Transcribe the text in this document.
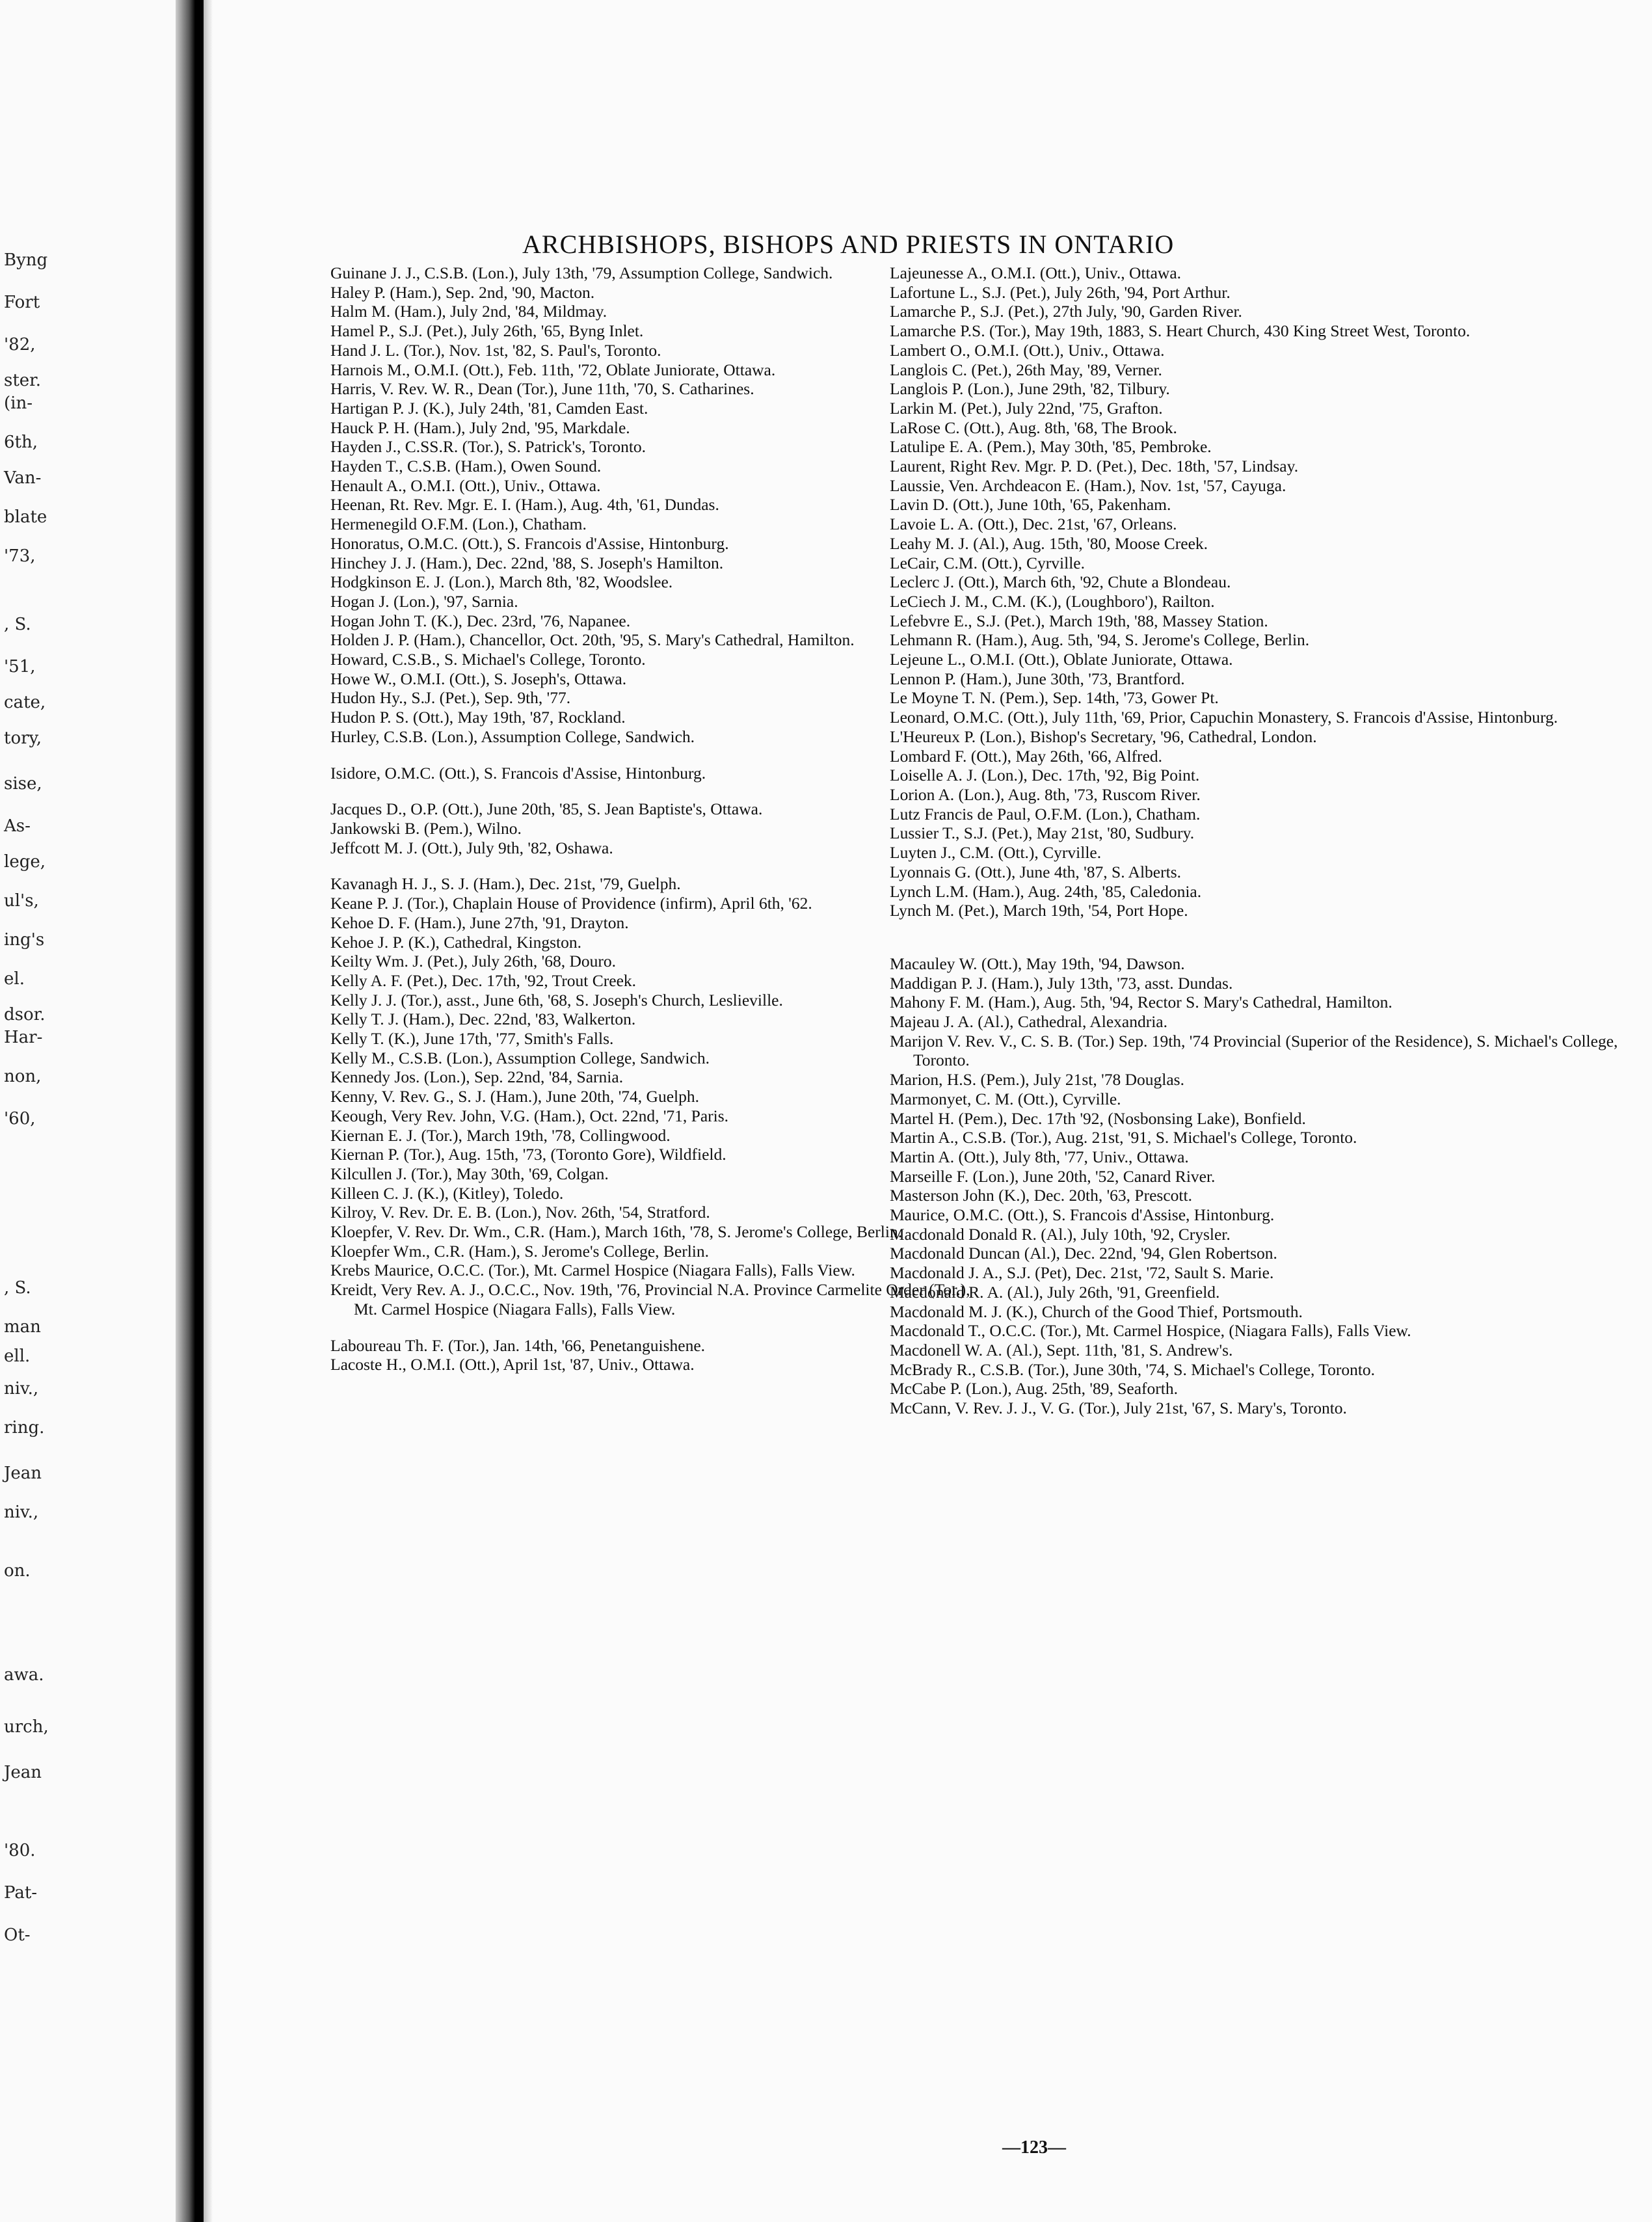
Byng
Fort
'82,
ster.
(in-
6th,
Van-
blate
'73,
, S.
'51,
cate,
tory,
sise,
As-
lege,
ul's,
ing's
el.
dsor.
Har-
non,
'60,
, S.
man
ell.
niv.,
ring.
Jean
niv.,
on.
awa.
urch,
Jean
'80.
Pat-
Ot-
ARCHBISHOPS, BISHOPS AND PRIESTS IN ONTARIO

Guinane J. J., C.S.B. (Lon.), July 13th, '79, Assumption College, Sandwich.

Haley P. (Ham.), Sep. 2nd, '90, Macton.

Halm M. (Ham.), July 2nd, '84, Mildmay.

Hamel P., S.J. (Pet.), July 26th, '65, Byng Inlet.

Hand J. L. (Tor.), Nov. 1st, '82, S. Paul's, Toronto.

Harnois M., O.M.I. (Ott.), Feb. 11th, '72, Oblate Juniorate, Ottawa.

Harris, V. Rev. W. R., Dean (Tor.), June 11th, '70, S. Catharines.

Hartigan P. J. (K.), July 24th, '81, Camden East.

Hauck P. H. (Ham.), July 2nd, '95, Markdale.

Hayden J., C.SS.R. (Tor.), S. Patrick's, Toronto.

Hayden T., C.S.B. (Ham.), Owen Sound.

Henault A., O.M.I. (Ott.), Univ., Ottawa.

Heenan, Rt. Rev. Mgr. E. I. (Ham.), Aug. 4th, '61, Dundas.

Hermenegild O.F.M. (Lon.), Chatham.

Honoratus, O.M.C. (Ott.), S. Francois d'Assise, Hintonburg.

Hinchey J. J. (Ham.), Dec. 22nd, '88, S. Joseph's Hamilton.

Hodgkinson E. J. (Lon.), March 8th, '82, Woodslee.

Hogan J. (Lon.), '97, Sarnia.

Hogan John T. (K.), Dec. 23rd, '76, Napanee.

Holden J. P. (Ham.), Chancellor, Oct. 20th, '95, S. Mary's Cathedral, Hamilton.

Howard, C.S.B., S. Michael's College, Toronto.

Howe W., O.M.I. (Ott.), S. Joseph's, Ottawa.

Hudon Hy., S.J. (Pet.), Sep. 9th, '77.

Hudon P. S. (Ott.), May 19th, '87, Rockland.

Hurley, C.S.B. (Lon.), Assumption College, Sandwich.

Isidore, O.M.C. (Ott.), S. Francois d'Assise, Hintonburg.

Jacques D., O.P. (Ott.), June 20th, '85, S. Jean Baptiste's, Ottawa.

Jankowski B. (Pem.), Wilno.

Jeffcott M. J. (Ott.), July 9th, '82, Oshawa.

Kavanagh H. J., S. J. (Ham.), Dec. 21st, '79, Guelph.

Keane P. J. (Tor.), Chaplain House of Providence (infirm), April 6th, '62.

Kehoe D. F. (Ham.), June 27th, '91, Drayton.

Kehoe J. P. (K.), Cathedral, Kingston.

Keilty Wm. J. (Pet.), July 26th, '68, Douro.

Kelly A. F. (Pet.), Dec. 17th, '92, Trout Creek.

Kelly J. J. (Tor.), asst., June 6th, '68, S. Joseph's Church, Leslieville.

Kelly T. J. (Ham.), Dec. 22nd, '83, Walkerton.

Kelly T. (K.), June 17th, '77, Smith's Falls.

Kelly M., C.S.B. (Lon.), Assumption College, Sandwich.

Kennedy Jos. (Lon.), Sep. 22nd, '84, Sarnia.

Kenny, V. Rev. G., S. J. (Ham.), June 20th, '74, Guelph.

Keough, Very Rev. John, V.G. (Ham.), Oct. 22nd, '71, Paris.

Kiernan E. J. (Tor.), March 19th, '78, Collingwood.

Kiernan P. (Tor.), Aug. 15th, '73, (Toronto Gore), Wildfield.

Kilcullen J. (Tor.), May 30th, '69, Colgan.

Killeen C. J. (K.), (Kitley), Toledo.

Kilroy, V. Rev. Dr. E. B. (Lon.), Nov. 26th, '54, Stratford.

Kloepfer, V. Rev. Dr. Wm., C.R. (Ham.), March 16th, '78, S. Jerome's College, Berlin.

Kloepfer Wm., C.R. (Ham.), S. Jerome's College, Berlin.

Krebs Maurice, O.C.C. (Tor.), Mt. Carmel Hospice (Niagara Falls), Falls View.

Kreidt, Very Rev. A. J., O.C.C., Nov. 19th, '76, Provincial N.A. Province Carmelite Order (Tor.), Mt. Carmel Hospice (Niagara Falls), Falls View.

Laboureau Th. F. (Tor.), Jan. 14th, '66, Penetanguishene.

Lacoste H., O.M.I. (Ott.), April 1st, '87, Univ., Ottawa.

Lajeunesse A., O.M.I. (Ott.), Univ., Ottawa.

Lafortune L., S.J. (Pet.), July 26th, '94, Port Arthur.

Lamarche P., S.J. (Pet.), 27th July, '90, Garden River.

Lamarche P.S. (Tor.), May 19th, 1883, S. Heart Church, 430 King Street West, Toronto.

Lambert O., O.M.I. (Ott.), Univ., Ottawa.

Langlois C. (Pet.), 26th May, '89, Verner.

Langlois P. (Lon.), June 29th, '82, Tilbury.

Larkin M. (Pet.), July 22nd, '75, Grafton.

LaRose C. (Ott.), Aug. 8th, '68, The Brook.

Latulipe E. A. (Pem.), May 30th, '85, Pembroke.

Laurent, Right Rev. Mgr. P. D. (Pet.), Dec. 18th, '57, Lindsay.

Laussie, Ven. Archdeacon E. (Ham.), Nov. 1st, '57, Cayuga.

Lavin D. (Ott.), June 10th, '65, Pakenham.

Lavoie L. A. (Ott.), Dec. 21st, '67, Orleans.

Leahy M. J. (Al.), Aug. 15th, '80, Moose Creek.

LeCair, C.M. (Ott.), Cyrville.

Leclerc J. (Ott.), March 6th, '92, Chute a Blondeau.

LeCiech J. M., C.M. (K.), (Loughboro'), Railton.

Lefebvre E., S.J. (Pet.), March 19th, '88, Massey Station.

Lehmann R. (Ham.), Aug. 5th, '94, S. Jerome's College, Berlin.

Lejeune L., O.M.I. (Ott.), Oblate Juniorate, Ottawa.

Lennon P. (Ham.), June 30th, '73, Brantford.

Le Moyne T. N. (Pem.), Sep. 14th, '73, Gower Pt.

Leonard, O.M.C. (Ott.), July 11th, '69, Prior, Capuchin Monastery, S. Francois d'Assise, Hintonburg.

L'Heureux P. (Lon.), Bishop's Secretary, '96, Cathedral, London.

Lombard F. (Ott.), May 26th, '66, Alfred.

Loiselle A. J. (Lon.), Dec. 17th, '92, Big Point.

Lorion A. (Lon.), Aug. 8th, '73, Ruscom River.

Lutz Francis de Paul, O.F.M. (Lon.), Chatham.

Lussier T., S.J. (Pet.), May 21st, '80, Sudbury.

Luyten J., C.M. (Ott.), Cyrville.

Lyonnais G. (Ott.), June 4th, '87, S. Alberts.

Lynch L.M. (Ham.), Aug. 24th, '85, Caledonia.

Lynch M. (Pet.), March 19th, '54, Port Hope.

Macauley W. (Ott.), May 19th, '94, Dawson.

Maddigan P. J. (Ham.), July 13th, '73, asst. Dundas.

Mahony F. M. (Ham.), Aug. 5th, '94, Rector S. Mary's Cathedral, Hamilton.

Majeau J. A. (Al.), Cathedral, Alexandria.

Marijon V. Rev. V., C. S. B. (Tor.) Sep. 19th, '74 Provincial (Superior of the Residence), S. Michael's College, Toronto.

Marion, H.S. (Pem.), July 21st, '78 Douglas.

Marmonyet, C. M. (Ott.), Cyrville.

Martel H. (Pem.), Dec. 17th '92, (Nosbonsing Lake), Bonfield.

Martin A., C.S.B. (Tor.), Aug. 21st, '91, S. Michael's College, Toronto.

Martin A. (Ott.), July 8th, '77, Univ., Ottawa.

Marseille F. (Lon.), June 20th, '52, Canard River.

Masterson John (K.), Dec. 20th, '63, Prescott.

Maurice, O.M.C. (Ott.), S. Francois d'Assise, Hintonburg.

Macdonald Donald R. (Al.), July 10th, '92, Crysler.

Macdonald Duncan (Al.), Dec. 22nd, '94, Glen Robertson.

Macdonald J. A., S.J. (Pet), Dec. 21st, '72, Sault S. Marie.

Macdonald R. A. (Al.), July 26th, '91, Greenfield.

Macdonald M. J. (K.), Church of the Good Thief, Portsmouth.

Macdonald T., O.C.C. (Tor.), Mt. Carmel Hospice, (Niagara Falls), Falls View.

Macdonell W. A. (Al.), Sept. 11th, '81, S. Andrew's.

McBrady R., C.S.B. (Tor.), June 30th, '74, S. Michael's College, Toronto.

McCabe P. (Lon.), Aug. 25th, '89, Seaforth.

McCann, V. Rev. J. J., V. G. (Tor.), July 21st, '67, S. Mary's, Toronto.

—123—
